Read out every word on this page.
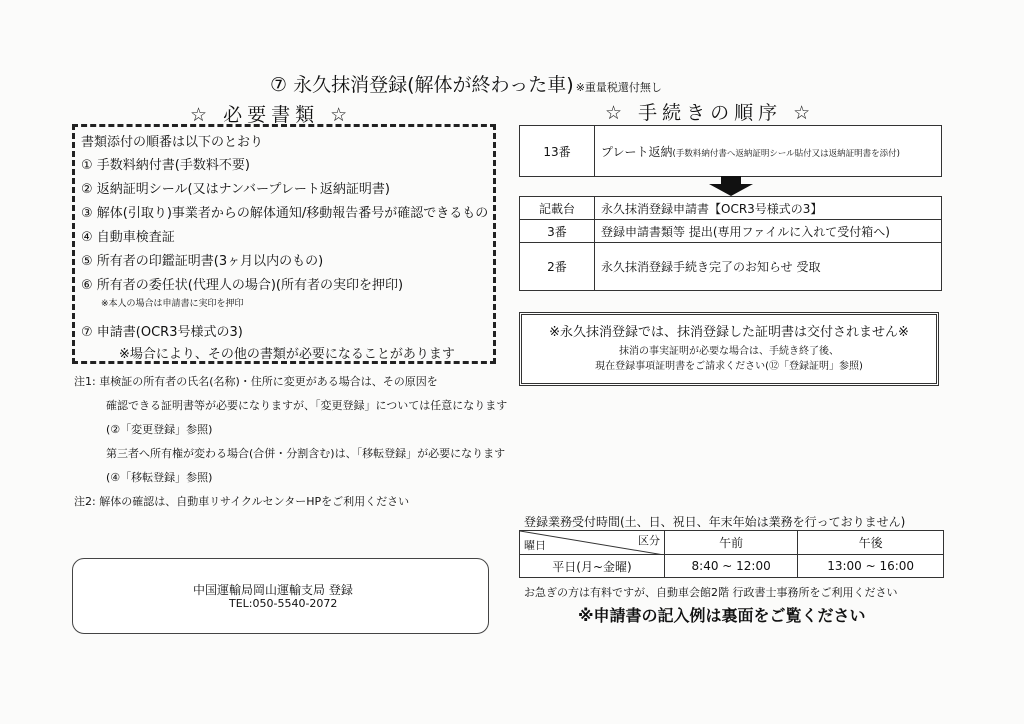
⑦ 永久抹消登録(解体が終わった車) ※重量税還付無し
☆ 必要書類 ☆	☆ 手続きの順序 ☆
書類添付の順番は以下のとおり
① 手数料納付書(手数料不要)
② 返納証明シール(又はナンバープレート返納証明書)
③ 解体(引取り)事業者からの解体通知/移動報告番号が確認できるもの
④ 自動車検査証
⑤ 所有者の印鑑証明書(3ヶ月以内のもの)
⑥ 所有者の委任状(代理人の場合)(所有者の実印を押印)
※本人の場合は申請書に実印を押印
⑦ 申請書(OCR3号様式の3)
※場合により、その他の書類が必要になることがあります
注1: 車検証の所有者の氏名(名称)・住所に変更がある場合は、その原因を
確認できる証明書等が必要になりますが、「変更登録」については任意になります
(②「変更登録」参照)
第三者へ所有権が変わる場合(合併・分割含む)は、「移転登録」が必要になります
(④「移転登録」参照)
注2: 解体の確認は、自動車リサイクルセンターHPをご利用ください
13番	プレート返納(手数料納付書へ返納証明シール貼付又は返納証明書を添付)
記載台	永久抹消登録申請書【OCR3号様式の3】
3番	登録申請書類等 提出(専用ファイルに入れて受付箱へ)
2番	永久抹消登録手続き完了のお知らせ 受取
※永久抹消登録では、抹消登録した証明書は交付されません※
抹消の事実証明が必要な場合は、手続き終了後、
現在登録事項証明書をご請求ください(⑫「登録証明」参照)
登録業務受付時間(土、日、祝日、年末年始は業務を行っておりません)
区分
曜日	午前	午後
平日(月~金曜)	8:40 ~ 12:00	13:00 ~ 16:00
お急ぎの方は有料ですが、自動車会館2階 行政書士事務所をご利用ください
※申請書の記入例は裏面をご覧ください
中国運輸局岡山運輸支局 登録
TEL:050-5540-2072
